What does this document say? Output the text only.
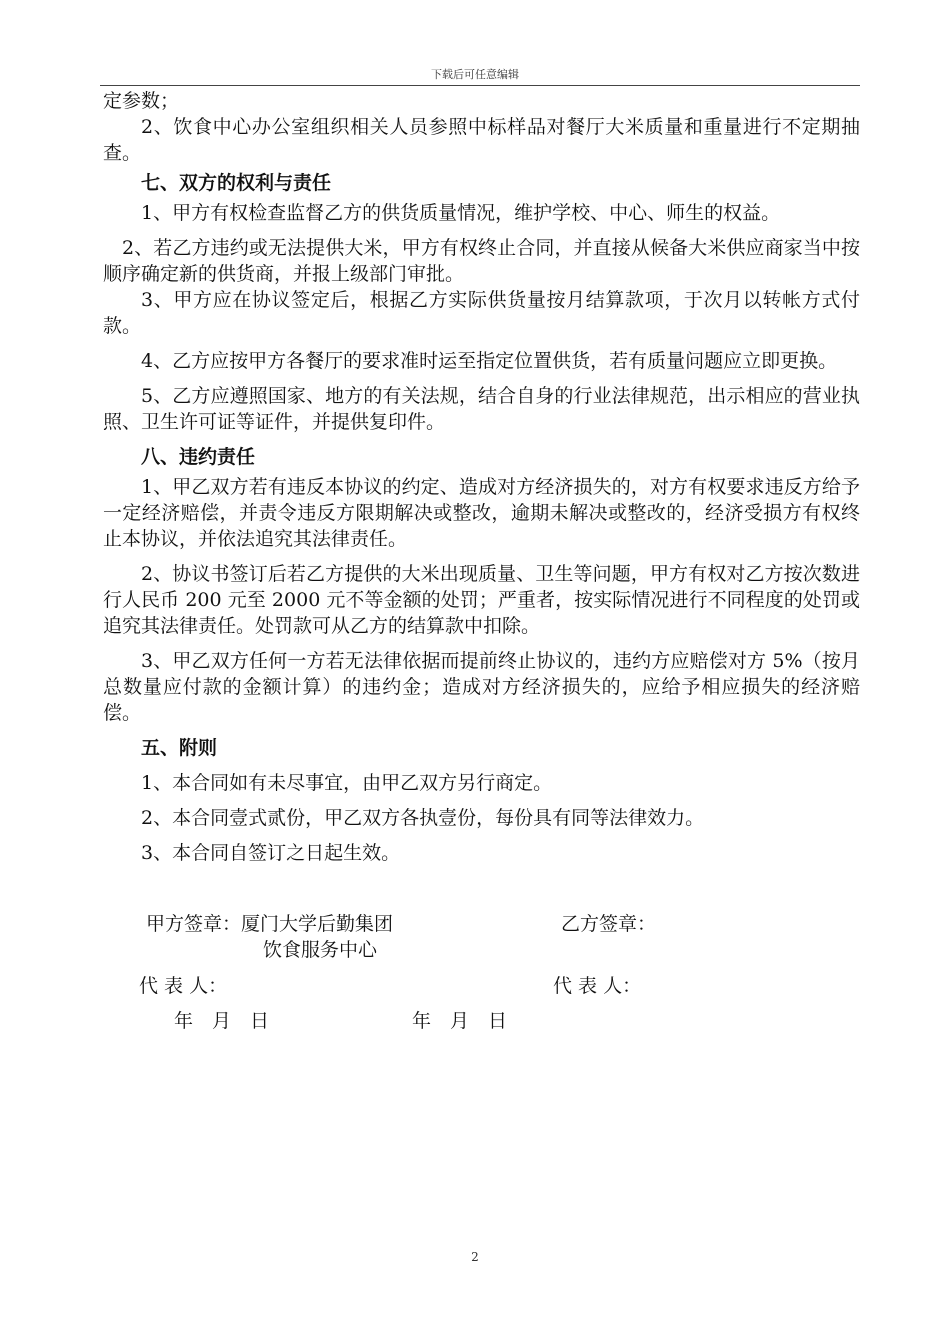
下载后可任意编辑

定参数；

2、饮食中心办公室组织相关人员参照中标样品对餐厅大米质量和重量进行不定期抽查。

七、双方的权利与责任

1、甲方有权检查监督乙方的供货质量情况，维护学校、中心、师生的权益。

2、若乙方违约或无法提供大米，甲方有权终止合同，并直接从候备大米供应商家当中按顺序确定新的供货商，并报上级部门审批。

3、甲方应在协议签定后，根据乙方实际供货量按月结算款项，于次月以转帐方式付款。

4、乙方应按甲方各餐厅的要求准时运至指定位置供货，若有质量问题应立即更换。

5、乙方应遵照国家、地方的有关法规，结合自身的行业法律规范，出示相应的营业执照、卫生许可证等证件，并提供复印件。

八、违约责任

1、甲乙双方若有违反本协议的约定、造成对方经济损失的，对方有权要求违反方给予一定经济赔偿，并责令违反方限期解决或整改，逾期未解决或整改的，经济受损方有权终止本协议，并依法追究其法律责任。

2、协议书签订后若乙方提供的大米出现质量、卫生等问题，甲方有权对乙方按次数进行人民币 200 元至 2000 元不等金额的处罚；严重者，按实际情况进行不同程度的处罚或追究其法律责任。处罚款可从乙方的结算款中扣除。

3、甲乙双方任何一方若无法律依据而提前终止协议的，违约方应赔偿对方 5%（按月总数量应付款的金额计算）的违约金；造成对方经济损失的，应给予相应损失的经济赔偿。

五、附则

1、本合同如有未尽事宜，由甲乙双方另行商定。

2、本合同壹式贰份，甲乙双方各执壹份，每份具有同等法律效力。

3、本合同自签订之日起生效。

甲方签章：厦门大学后勤集团
饮食服务中心
乙方签章：
代 表 人：	代 表 人：
年　月　日	年　月　日
2
